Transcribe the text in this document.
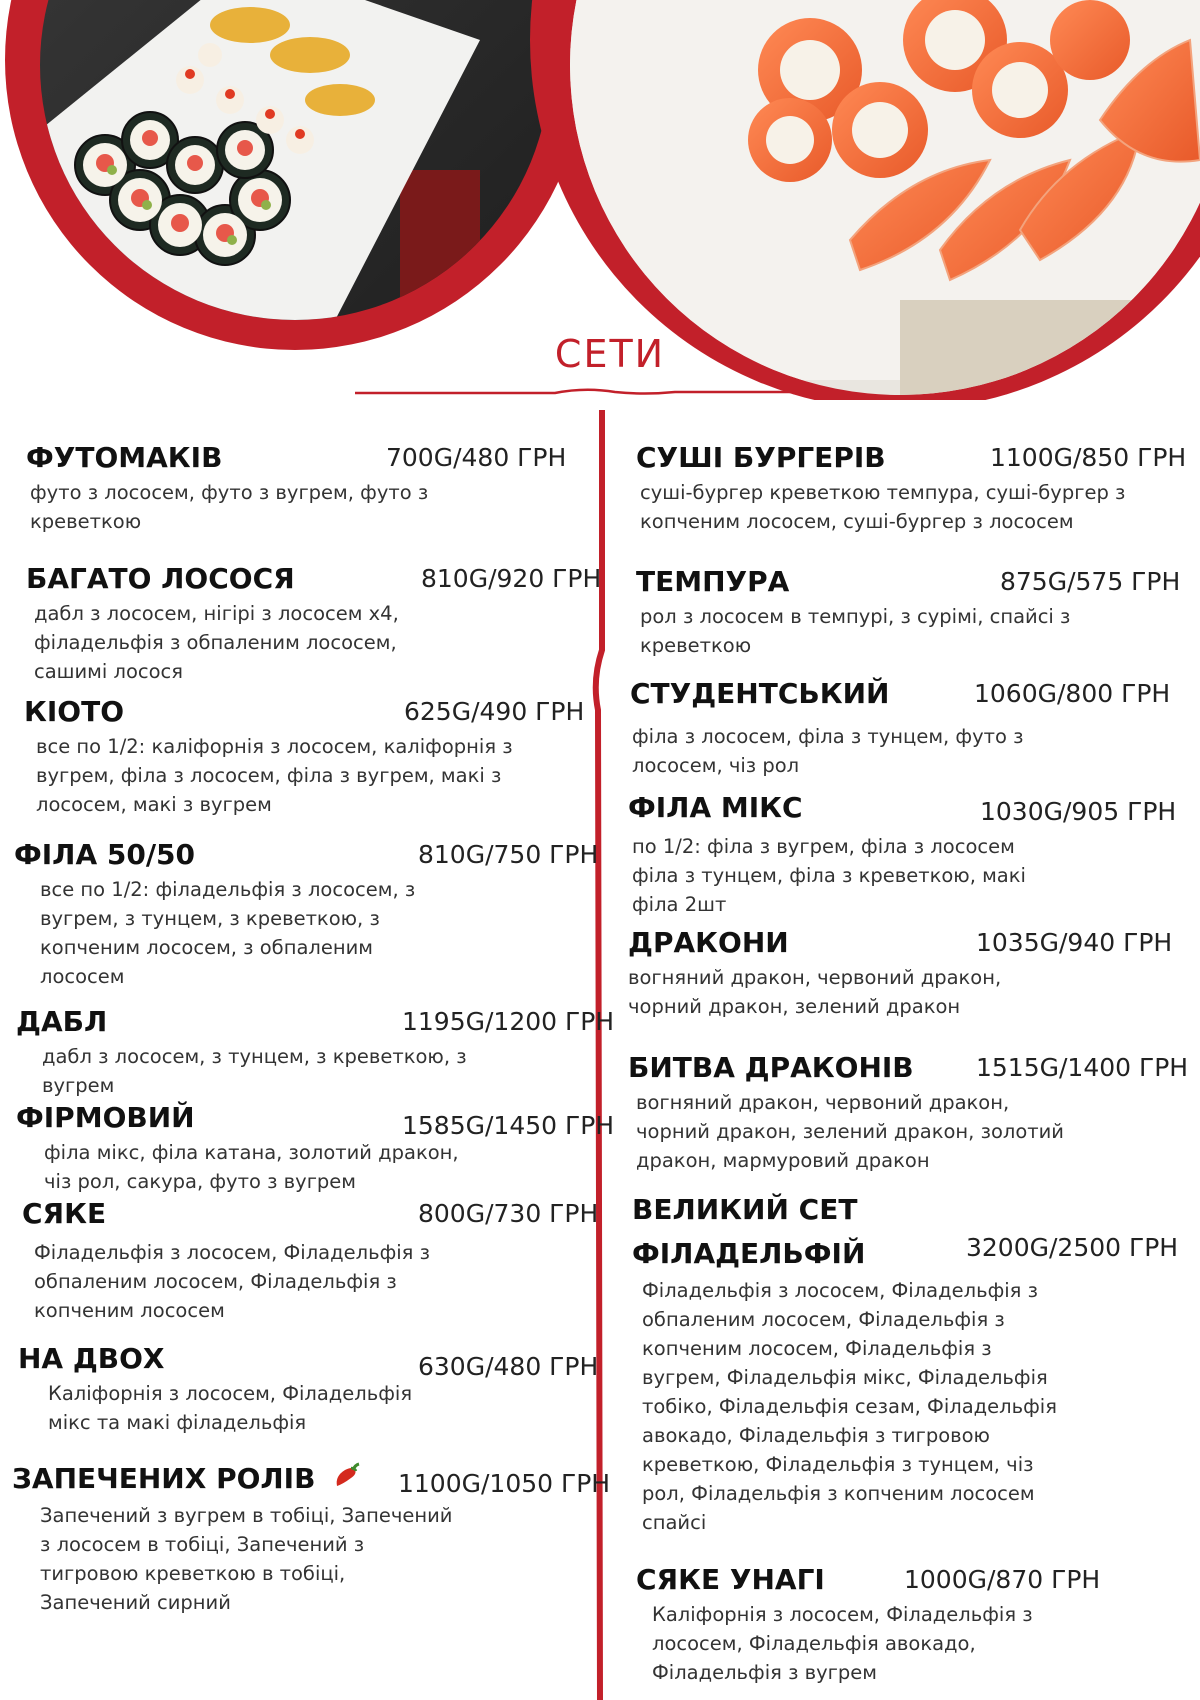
СЕТИ
ФУТОМАКІВ	700G/480 ГРН
футо з лососем, футо з вугрем, футо з креветкою
БАГАТО ЛОСОСЯ	810G/920 ГРН
дабл з лососем, нігірі з лососем х4, філадельфія з обпаленим лососем, сашимі лосося
КІОТО	625G/490 ГРН
все по 1/2: каліфорнія з лососем, каліфорнія з вугрем, філа з лососем, філа з вугрем, макі з лососем, макі з вугрем
ФІЛА 50/50	810G/750 ГРН
все по 1/2: філадельфія з лососем, з вугрем, з тунцем, з креветкою, з копченим лососем, з обпаленим лососем
ДАБЛ	1195G/1200 ГРН
дабл з лососем, з тунцем, з креветкою, з вугрем
ФІРМОВИЙ	1585G/1450 ГРН
філа мікс, філа катана, золотий дракон, чіз рол, сакура, футо з вугрем
СЯКЕ	800G/730 ГРН
Філадельфія з лососем, Філадельфія з обпаленим лососем, Філадельфія з копченим лососем
НА ДВОХ	630G/480 ГРН
Каліфорнія з лососем, Філадельфія мікс та макі філадельфія
ЗАПЕЧЕНИХ РОЛІВ	1100G/1050 ГРН
Запечений з вугрем в тобіці, Запечений з лососем в тобіці, Запечений з тигровою креветкою в тобіці, Запечений сирний
СУШІ БУРГЕРІВ	1100G/850 ГРН
суші-бургер креветкою темпура, суші-бургер з копченим лососем, суші-бургер з лососем
ТЕМПУРА	875G/575 ГРН
рол з лососем в темпурі, з сурімі, спайсі з креветкою
СТУДЕНТСЬКИЙ	1060G/800 ГРН
філа з лососем, філа з тунцем, футо з лососем, чіз рол
ФІЛА МІКС	1030G/905 ГРН
по 1/2: філа з вугрем, філа з лососем філа з тунцем, філа з креветкою, макі філа 2шт
ДРАКОНИ	1035G/940 ГРН
вогняний дракон, червоний дракон, чорний дракон, зелений дракон
БИТВА ДРАКОНІВ	1515G/1400 ГРН
вогняний дракон, червоний дракон, чорний дракон, зелений дракон, золотий дракон, мармуровий дракон
ВЕЛИКИЙ СЕТ ФІЛАДЕЛЬФІЙ	3200G/2500 ГРН
Філадельфія з лососем, Філадельфія з обпаленим лососем, Філадельфія з копченим лососем, Філадельфія з вугрем, Філадельфія мікс, Філадельфія тобіко, Філадельфія сезам, Філадельфія авокадо, Філадельфія з тигровою креветкою, Філадельфія з тунцем, чіз рол, Філадельфія з копченим лососем спайсі
СЯКЕ УНАГІ	1000G/870 ГРН
Каліфорнія з лососем, Філадельфія з лососем, Філадельфія авокадо, Філадельфія з вугрем
